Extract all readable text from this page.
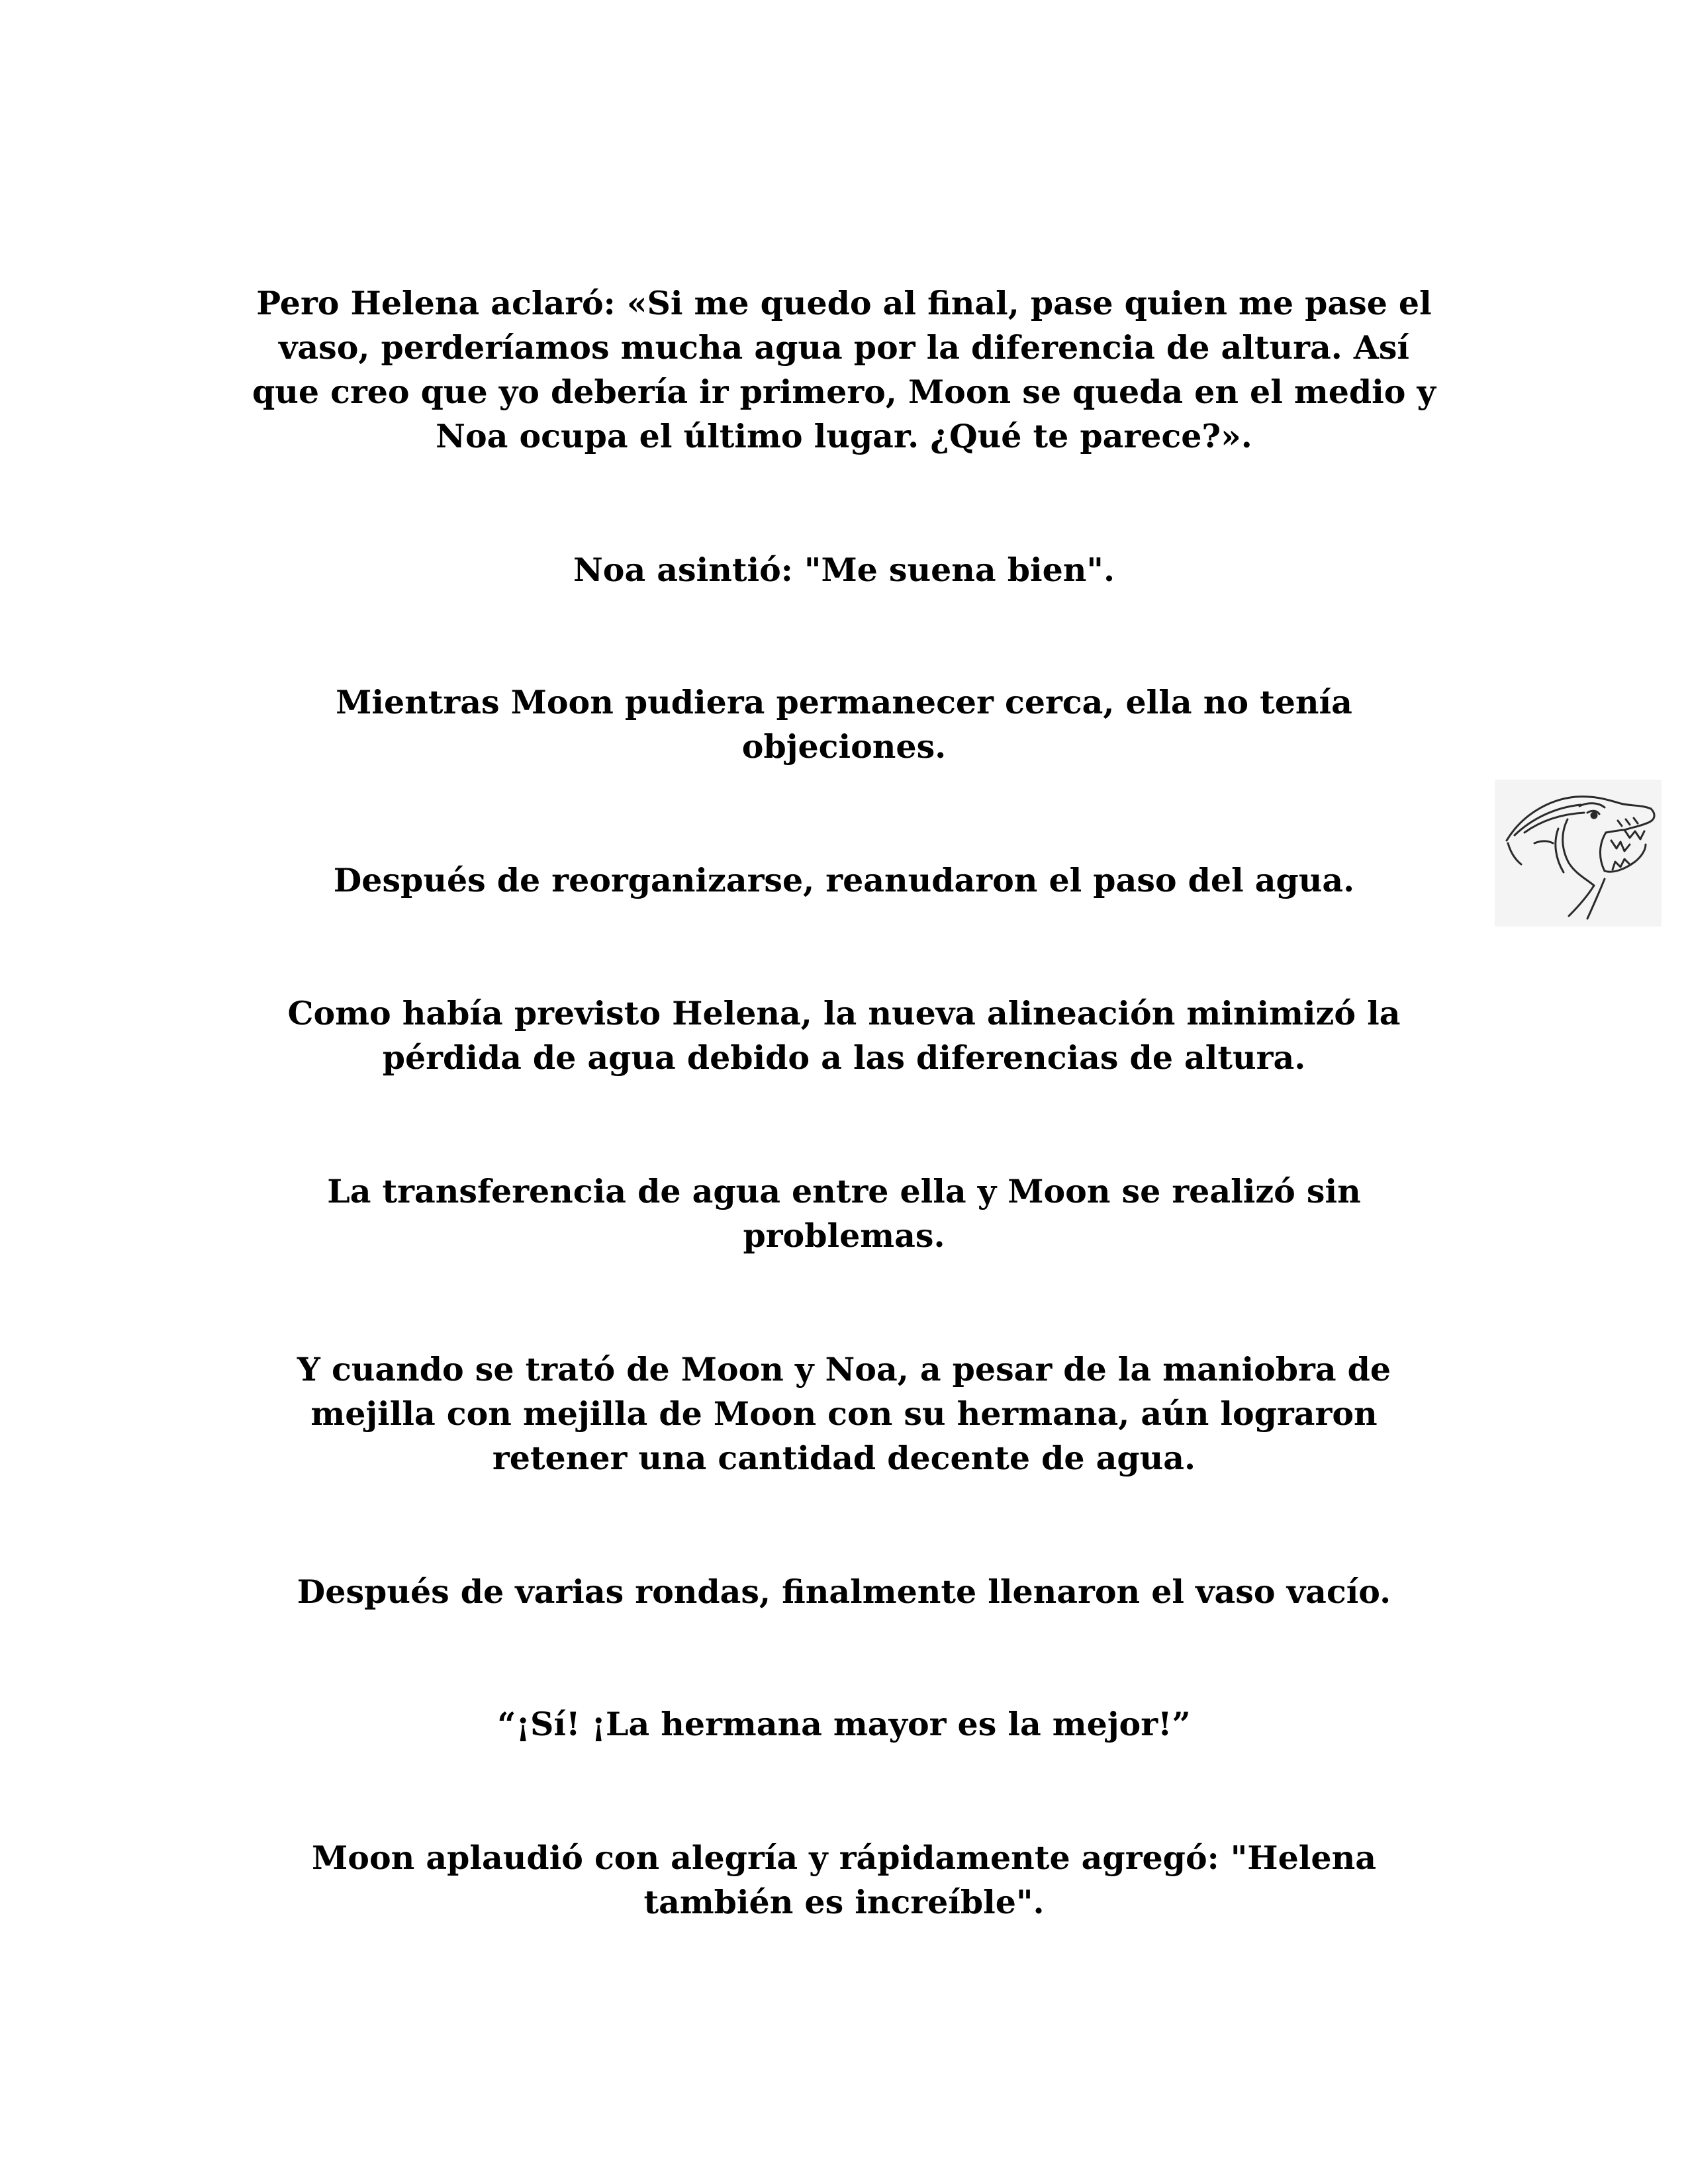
Pero Helena aclaró: «Si me quedo al final, pase quien me pase el vaso, perderíamos mucha agua por la diferencia de altura. Así que creo que yo debería ir primero, Moon se queda en el medio y Noa ocupa el último lugar. ¿Qué te parece?».

Noa asintió: "Me suena bien".

Mientras Moon pudiera permanecer cerca, ella no tenía objeciones.

Después de reorganizarse, reanudaron el paso del agua.

Como había previsto Helena, la nueva alineación minimizó la pérdida de agua debido a las diferencias de altura.

La transferencia de agua entre ella y Moon se realizó sin problemas.

Y cuando se trató de Moon y Noa, a pesar de la maniobra de mejilla con mejilla de Moon con su hermana, aún lograron retener una cantidad decente de agua.

Después de varias rondas, finalmente llenaron el vaso vacío.

“¡Sí! ¡La hermana mayor es la mejor!”

Moon aplaudió con alegría y rápidamente agregó: "Helena también es increíble".
